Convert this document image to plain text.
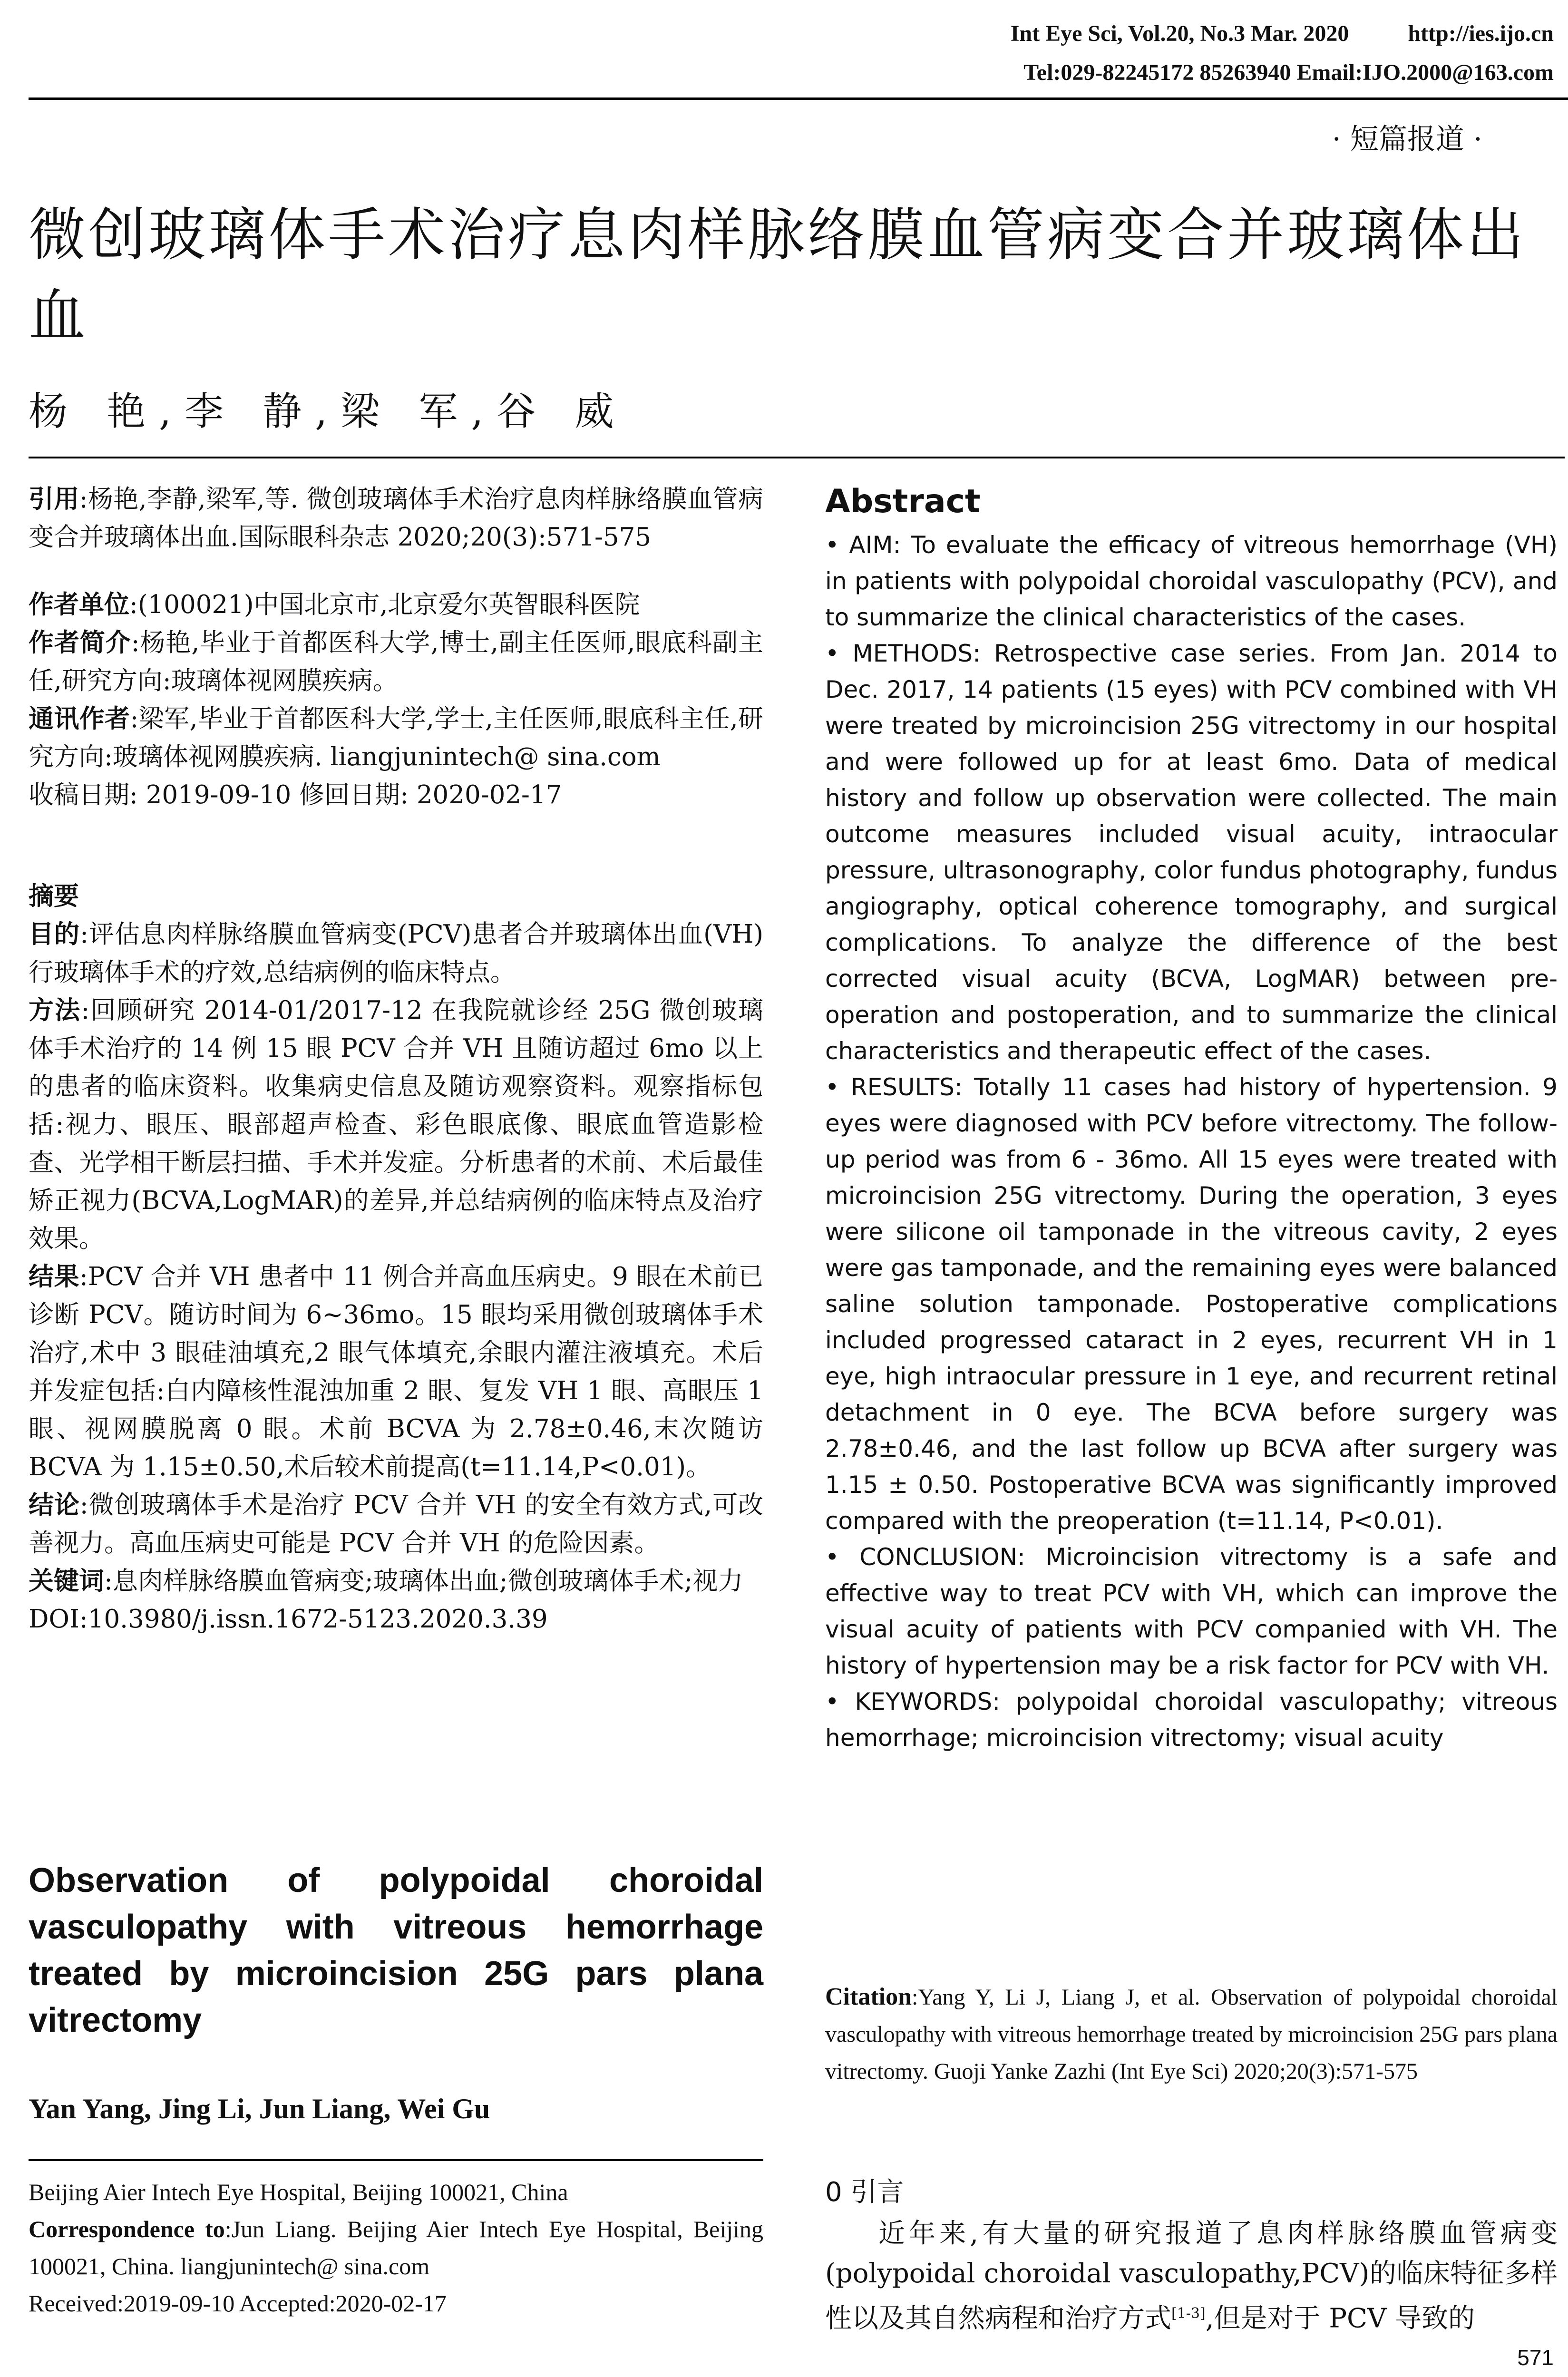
Int Eye Sci, Vol.20, No.3 Mar. 2020	http://ies.ijo.cn
Tel:029-82245172 85263940 Email:IJO.2000@163.com
· 短篇报道 ·
微创玻璃体手术治疗息肉样脉络膜血管病变合并玻璃体出血
杨 艳,李 静,梁 军,谷 威

引用:杨艳,李静,梁军,等. 微创玻璃体手术治疗息肉样脉络膜血管病变合并玻璃体出血.国际眼科杂志 2020;20(3):571-575

作者单位:(100021)中国北京市,北京爱尔英智眼科医院

作者简介:杨艳,毕业于首都医科大学,博士,副主任医师,眼底科副主任,研究方向:玻璃体视网膜疾病。

通讯作者:梁军,毕业于首都医科大学,学士,主任医师,眼底科主任,研究方向:玻璃体视网膜疾病. liangjunintech@ sina.com

收稿日期: 2019-09-10 修回日期: 2020-02-17

摘要

目的:评估息肉样脉络膜血管病变(PCV)患者合并玻璃体出血(VH)行玻璃体手术的疗效,总结病例的临床特点。

方法:回顾研究 2014-01/2017-12 在我院就诊经 25G 微创玻璃体手术治疗的 14 例 15 眼 PCV 合并 VH 且随访超过 6mo 以上的患者的临床资料。收集病史信息及随访观察资料。观察指标包括:视力、眼压、眼部超声检查、彩色眼底像、眼底血管造影检查、光学相干断层扫描、手术并发症。分析患者的术前、术后最佳矫正视力(BCVA,LogMAR)的差异,并总结病例的临床特点及治疗效果。

结果:PCV 合并 VH 患者中 11 例合并高血压病史。9 眼在术前已诊断 PCV。随访时间为 6~36mo。15 眼均采用微创玻璃体手术治疗,术中 3 眼硅油填充,2 眼气体填充,余眼内灌注液填充。术后并发症包括:白内障核性混浊加重 2 眼、复发 VH 1 眼、高眼压 1 眼、视网膜脱离 0 眼。术前 BCVA 为 2.78±0.46,末次随访 BCVA 为 1.15±0.50,术后较术前提高(t=11.14,P<0.01)。

结论:微创玻璃体手术是治疗 PCV 合并 VH 的安全有效方式,可改善视力。高血压病史可能是 PCV 合并 VH 的危险因素。

关键词:息肉样脉络膜血管病变;玻璃体出血;微创玻璃体手术;视力

DOI:10.3980/j.issn.1672-5123.2020.3.39

Observation of polypoidal choroidal vasculopathy with vitreous hemorrhage treated by microincision 25G pars plana vitrectomy
Yan Yang, Jing Li, Jun Liang, Wei Gu

Beijing Aier Intech Eye Hospital, Beijing 100021, China

Correspondence to:Jun Liang. Beijing Aier Intech Eye Hospital, Beijing 100021, China. liangjunintech@ sina.com

Received:2019-09-10 Accepted:2020-02-17

Abstract

• AIM: To evaluate the efficacy of vitreous hemorrhage (VH) in patients with polypoidal choroidal vasculopathy (PCV), and to summarize the clinical characteristics of the cases.

• METHODS: Retrospective case series. From Jan. 2014 to Dec. 2017, 14 patients (15 eyes) with PCV combined with VH were treated by microincision 25G vitrectomy in our hospital and were followed up for at least 6mo. Data of medical history and follow up observation were collected. The main outcome measures included visual acuity, intraocular pressure, ultrasonography, color fundus photography, fundus angiography, optical coherence tomography, and surgical complications. To analyze the difference of the best corrected visual acuity (BCVA, LogMAR) between pre-operation and postoperation, and to summarize the clinical characteristics and therapeutic effect of the cases.

• RESULTS: Totally 11 cases had history of hypertension. 9 eyes were diagnosed with PCV before vitrectomy. The follow- up period was from 6 - 36mo. All 15 eyes were treated with microincision 25G vitrectomy. During the operation, 3 eyes were silicone oil tamponade in the vitreous cavity, 2 eyes were gas tamponade, and the remaining eyes were balanced saline solution tamponade. Postoperative complications included progressed cataract in 2 eyes, recurrent VH in 1 eye, high intraocular pressure in 1 eye, and recurrent retinal detachment in 0 eye. The BCVA before surgery was 2.78±0.46, and the last follow up BCVA after surgery was 1.15 ± 0.50. Postoperative BCVA was significantly improved compared with the preoperation (t=11.14, P<0.01).

• CONCLUSION: Microincision vitrectomy is a safe and effective way to treat PCV with VH, which can improve the visual acuity of patients with PCV companied with VH. The history of hypertension may be a risk factor for PCV with VH.

• KEYWORDS: polypoidal choroidal vasculopathy; vitreous hemorrhage; microincision vitrectomy; visual acuity

Citation:Yang Y, Li J, Liang J, et al. Observation of polypoidal choroidal vasculopathy with vitreous hemorrhage treated by microincision 25G pars plana vitrectomy. Guoji Yanke Zazhi (Int Eye Sci) 2020;20(3):571-575
0 引言
近年来,有大量的研究报道了息肉样脉络膜血管病变(polypoidal choroidal vasculopathy,PCV)的临床特征多样性以及其自然病程和治疗方式[1-3],但是对于 PCV 导致的
571
